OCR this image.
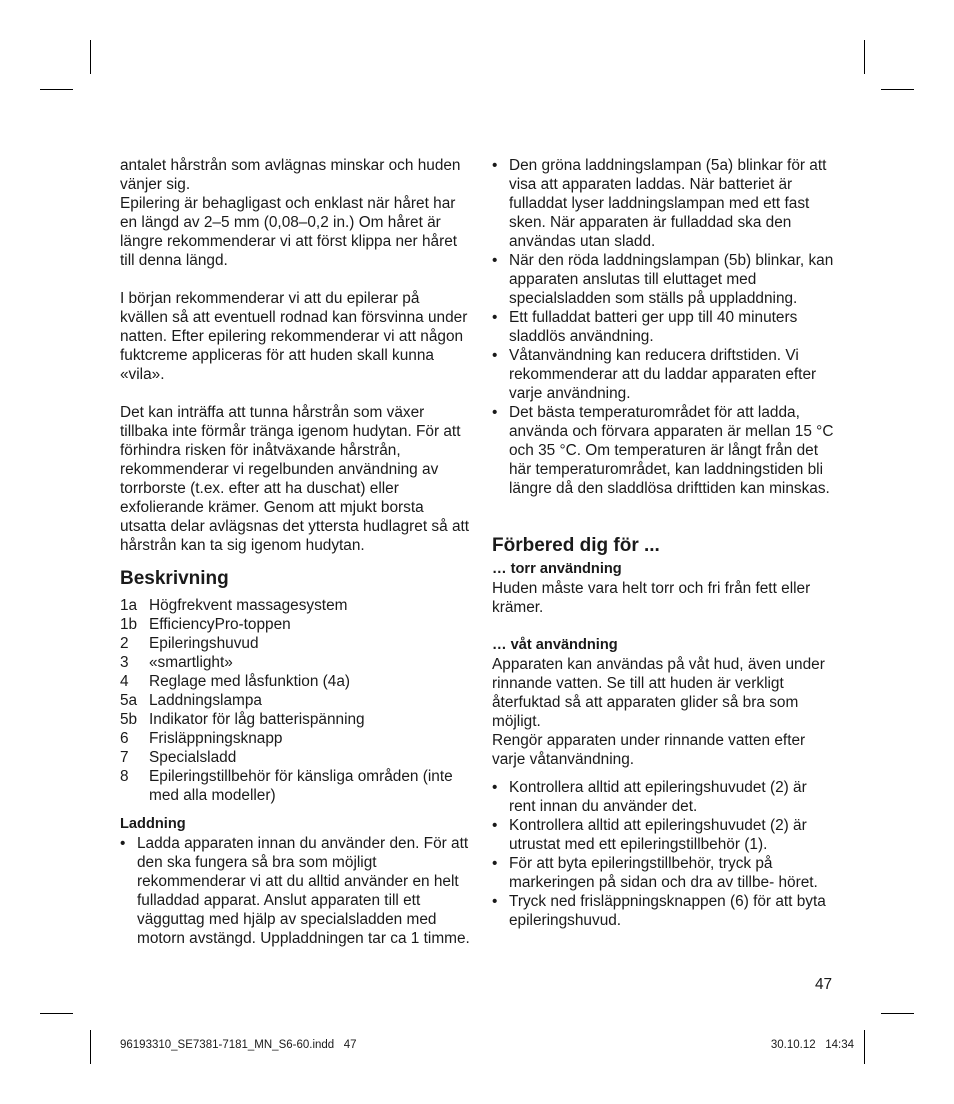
antalet hårstrån som avlägnas minskar och huden vänjer sig.

Epilering är behagligast och enklast när håret har en längd av 2–5 mm (0,08–0,2 in.) Om håret är längre rekommenderar vi att först klippa ner håret till denna längd.

I början rekommenderar vi att du epilerar på kvällen så att eventuell rodnad kan försvinna under natten. Efter epilering rekommenderar vi att någon fuktcreme appliceras för att huden skall kunna «vila».

Det kan inträffa att tunna hårstrån som växer tillbaka inte förmår tränga igenom hudytan. För att förhindra risken för inåtväxande hårstrån, rekommenderar vi regelbunden användning av torrborste (t.ex. efter att ha duschat) eller exfolierande krämer. Genom att mjukt borsta utsatta delar avlägsnas det yttersta hudlagret så att hårstrån kan ta sig igenom hudytan.

Beskrivning
1a Högfrekvent massagesystem
1b EfficiencyPro-toppen
2	Epileringshuvud
3	«smartlight»
4	Reglage med låsfunktion (4a)
5a Laddningslampa
5b Indikator för låg batterispänning
6	Frisläppningsknapp
7	Specialsladd
8	Epileringstillbehör för känsliga områden (inte med alla modeller)
Laddning
• Ladda apparaten innan du använder den. För att den ska fungera så bra som möjligt rekommenderar vi att du alltid använder en helt fulladdad apparat. Anslut apparaten till ett vägguttag med hjälp av specialsladden med motorn avstängd. Uppladdningen tar ca 1 timme.
• Den gröna laddningslampan (5a) blinkar för att visa att apparaten laddas. När batteriet är fulladdat lyser laddningslampan med ett fast sken. När apparaten är fulladdad ska den användas utan sladd.
• När den röda laddningslampan (5b) blinkar, kan apparaten anslutas till eluttaget med specialsladden som ställs på uppladdning.
• Ett fulladdat batteri ger upp till 40 minuters sladdlös användning.
• Våtanvändning kan reducera driftstiden. Vi rekommenderar att du laddar apparaten efter varje användning.
• Det bästa temperaturområdet för att ladda, använda och förvara apparaten är mellan 15 °C och 35 °C. Om temperaturen är långt från det här temperaturområdet, kan laddningstiden bli längre då den sladdlösa drifttiden kan minskas.
Förbered dig för ...
… torr användning

Huden måste vara helt torr och fri från fett eller krämer.

… våt användning

Apparaten kan användas på våt hud, även under rinnande vatten. Se till att huden är verkligt återfuktad så att apparaten glider så bra som möjligt.

Rengör apparaten under rinnande vatten efter varje våtanvändning.

• Kontrollera alltid att epileringshuvudet (2) är rent innan du använder det.
• Kontrollera alltid att epileringshuvudet (2) är utrustat med ett epileringstillbehör (1).
• För att byta epileringstillbehör, tryck på markeringen på sidan och dra av tillbe- höret.
• Tryck ned frisläppningsknappen (6) för att byta epileringshuvud.
47
96193310_SE7381-7181_MN_S6-60.indd   47	30.10.12   14:34
